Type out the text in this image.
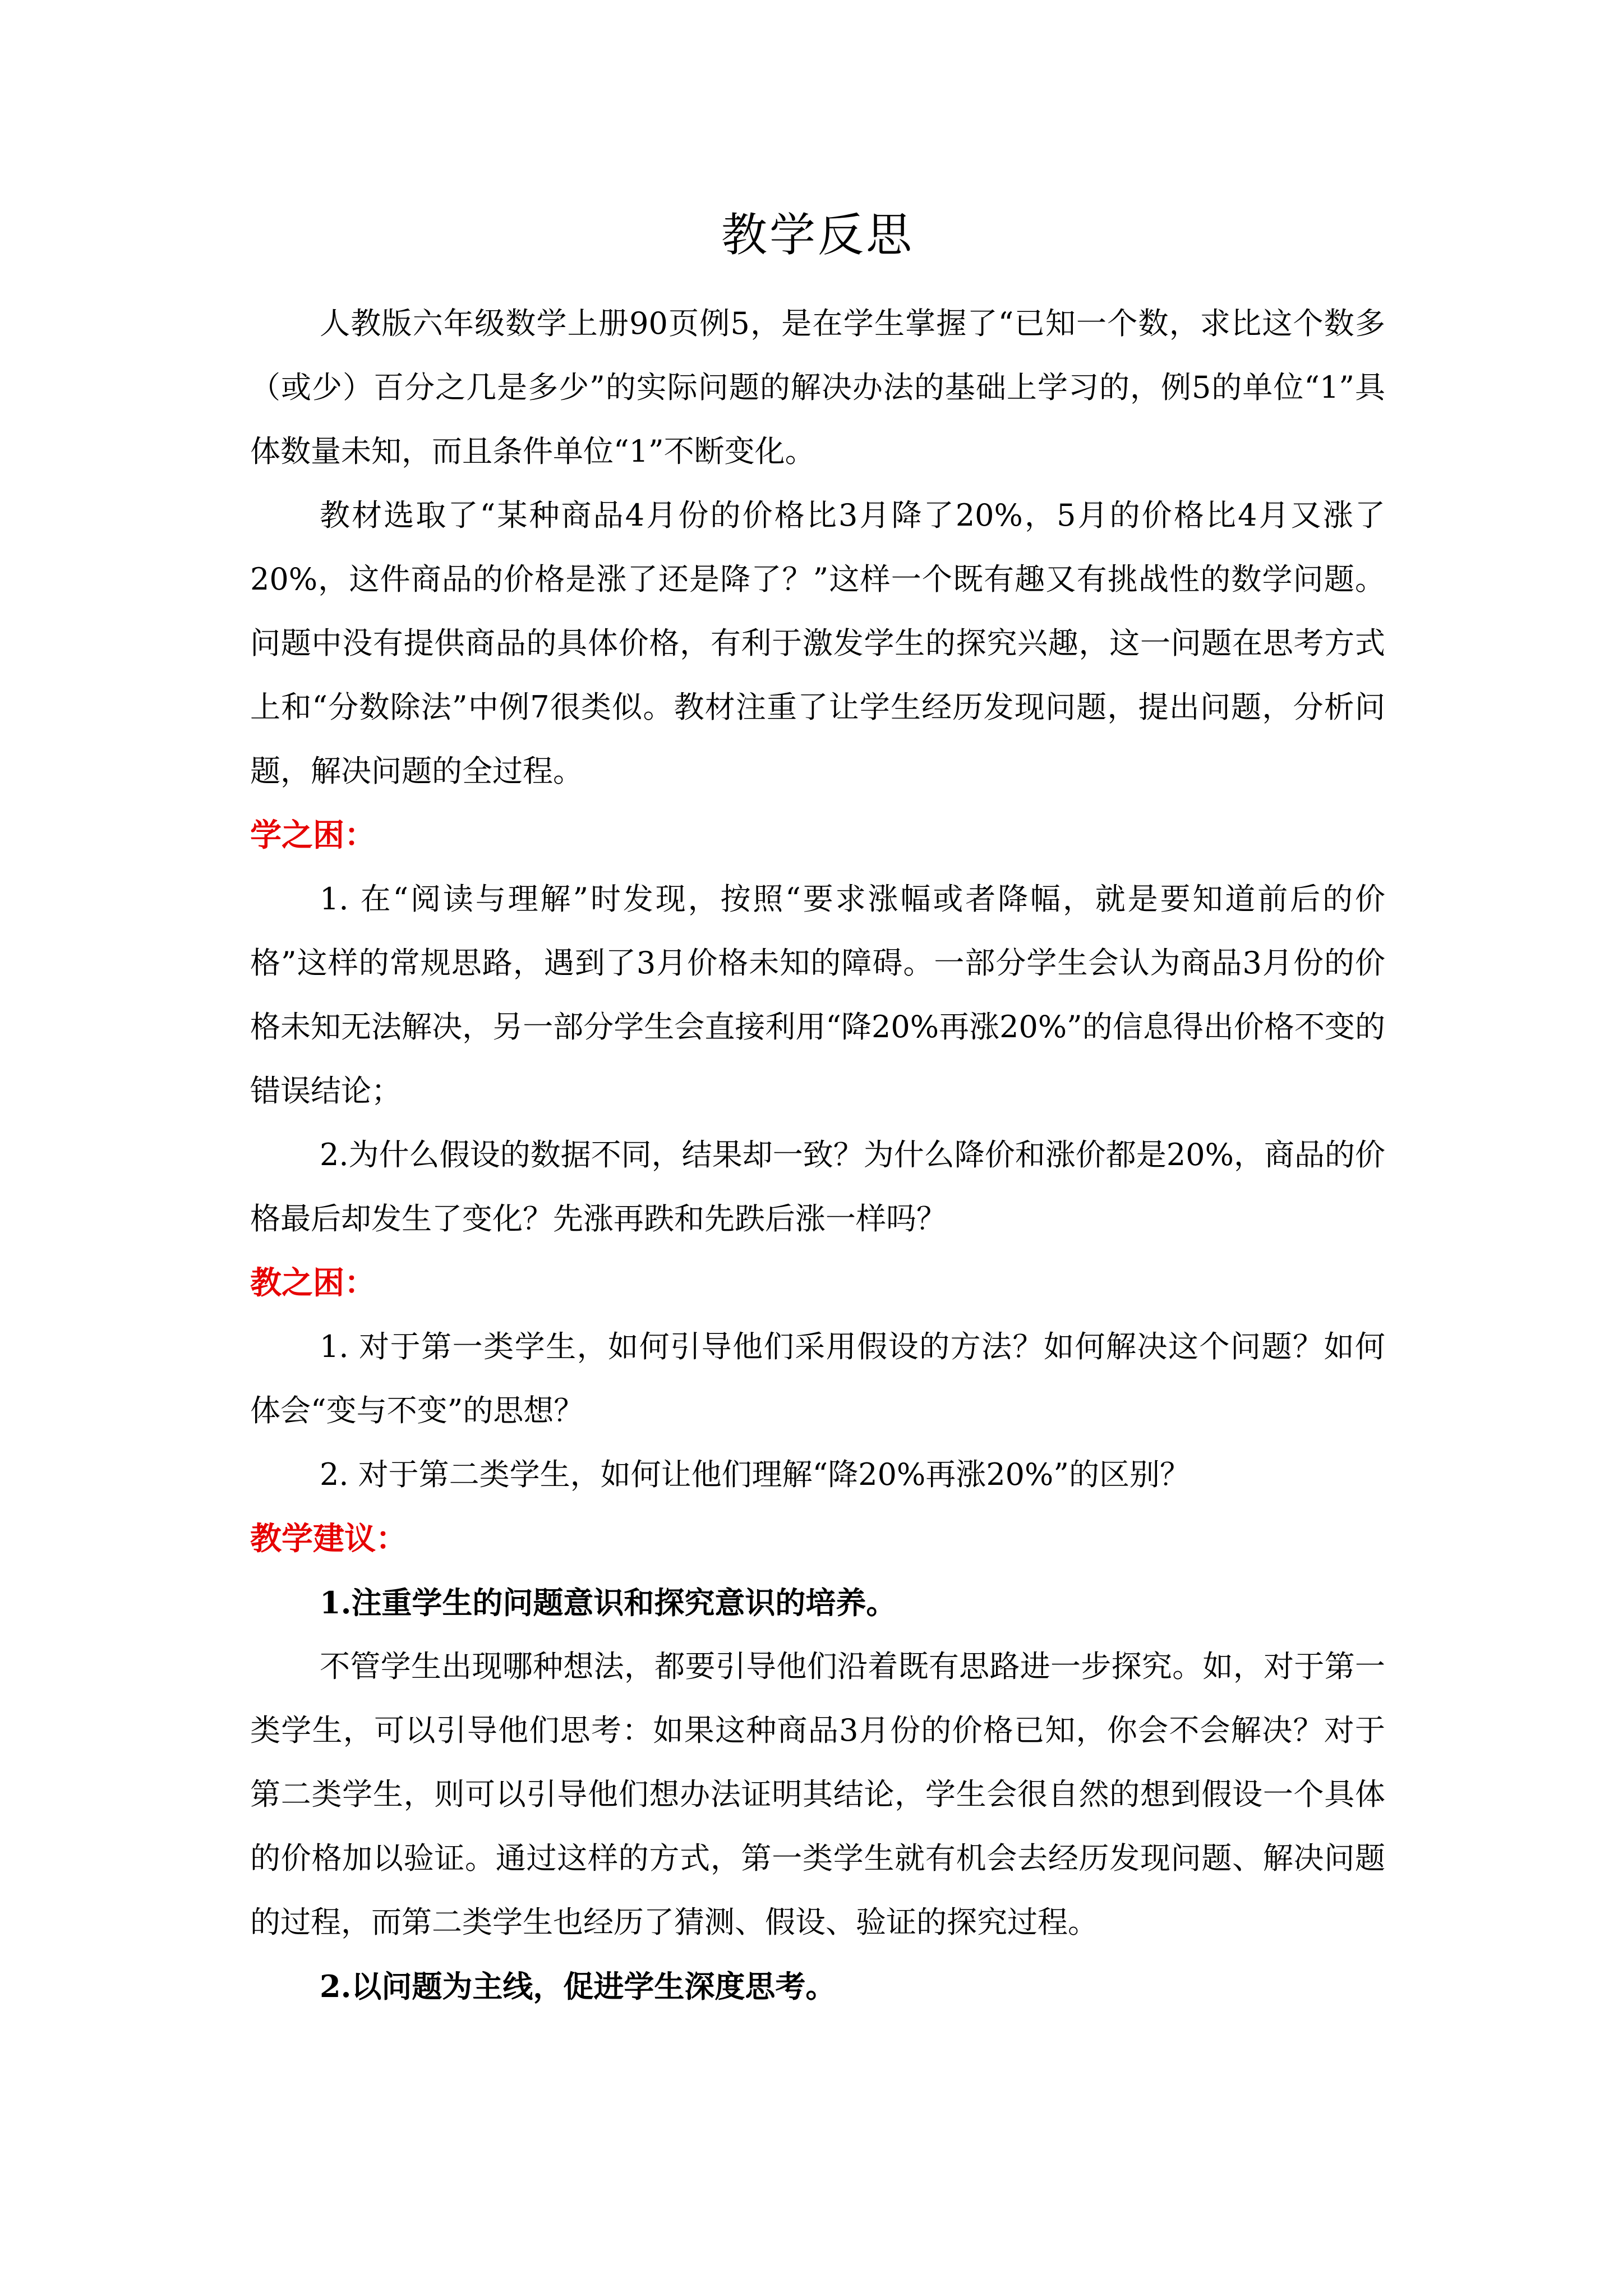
教学反思

人教版六年级数学上册90页例5，是在学生掌握了“已知一个数，求比这个数多（或少）百分之几是多少”的实际问题的解决办法的基础上学习的，例5的单位“1”具体数量未知，而且条件单位“1”不断变化。

教材选取了“某种商品4月份的价格比3月降了20%，5月的价格比4月又涨了20%，这件商品的价格是涨了还是降了？”这样一个既有趣又有挑战性的数学问题。问题中没有提供商品的具体价格，有利于激发学生的探究兴趣，这一问题在思考方式上和“分数除法”中例7很类似。教材注重了让学生经历发现问题，提出问题，分析问题，解决问题的全过程。

学之困：

1. 在“阅读与理解”时发现，按照“要求涨幅或者降幅，就是要知道前后的价格”这样的常规思路，遇到了3月价格未知的障碍。一部分学生会认为商品3月份的价格未知无法解决，另一部分学生会直接利用“降20%再涨20%”的信息得出价格不变的错误结论；

2.为什么假设的数据不同，结果却一致？为什么降价和涨价都是20%，商品的价格最后却发生了变化？先涨再跌和先跌后涨一样吗？

教之困：

1. 对于第一类学生，如何引导他们采用假设的方法？如何解决这个问题？如何体会“变与不变”的思想？

2. 对于第二类学生，如何让他们理解“降20%再涨20%”的区别？

教学建议：

1.注重学生的问题意识和探究意识的培养。

不管学生出现哪种想法，都要引导他们沿着既有思路进一步探究。如，对于第一类学生，可以引导他们思考：如果这种商品3月份的价格已知，你会不会解决？对于第二类学生，则可以引导他们想办法证明其结论，学生会很自然的想到假设一个具体的价格加以验证。通过这样的方式，第一类学生就有机会去经历发现问题、解决问题的过程，而第二类学生也经历了猜测、假设、验证的探究过程。

2.以问题为主线，促进学生深度思考。
